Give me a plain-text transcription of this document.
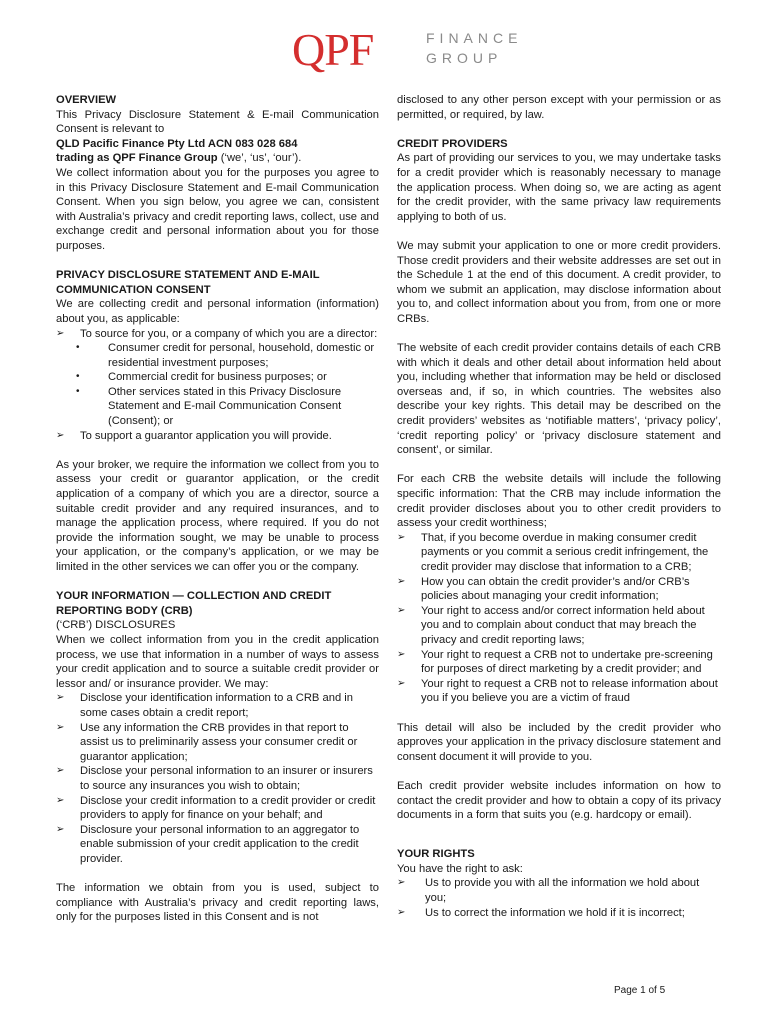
QPF	FINANCE
GROUP

OVERVIEW

This Privacy Disclosure Statement & E-mail Communication Consent is relevant to

QLD Pacific Finance Pty Ltd ACN 083 028 684

trading as QPF Finance Group (‘we’, ‘us’, ‘our’).

We collect information about you for the purposes you agree to in this Privacy Disclosure Statement and E-mail Communication Consent. When you sign below, you agree we can, consistent with Australia’s privacy and credit reporting laws, collect, use and exchange credit and personal information about you for those purposes.

PRIVACY DISCLOSURE STATEMENT AND E-MAIL

COMMUNICATION CONSENT

We are collecting credit and personal information (information) about you, as applicable:

➢ To source for you, or a company of which you are a director:
• Consumer credit for personal, household, domestic or residential investment purposes;
• Commercial credit for business purposes; or
• Other services stated in this Privacy Disclosure Statement and E-mail Communication Consent (Consent); or
➢ To support a guarantor application you will provide.

As your broker, we require the information we collect from you to assess your credit or guarantor application, or the credit application of a company of which you are a director, source a suitable credit provider and any required insurances, and to manage the application process, where required. If you do not provide the information sought, we may be unable to process your application, or the company’s application, or we may be limited in the other services we can offer you or the company.

YOUR INFORMATION — COLLECTION AND CREDIT

REPORTING BODY (CRB)

(‘CRB’) DISCLOSURES

When we collect information from you in the credit application process, we use that information in a number of ways to assess your credit application and to source a suitable credit provider or lessor and/ or insurance provider. We may:

➢ Disclose your identification information to a CRB and in some cases obtain a credit report;
➢ Use any information the CRB provides in that report to assist us to preliminarily assess your consumer credit or guarantor application;
➢ Disclose your personal information to an insurer or insurers to source any insurances you wish to obtain;
➢ Disclose your credit information to a credit provider or credit providers to apply for finance on your behalf; and
➢ Disclosure your personal information to an aggregator to enable submission of your credit application to the credit provider.

The information we obtain from you is used, subject to compliance with Australia’s privacy and credit reporting laws, only for the purposes listed in this Consent and is not

disclosed to any other person except with your permission or as permitted, or required, by law.

CREDIT PROVIDERS

As part of providing our services to you, we may undertake tasks for a credit provider which is reasonably necessary to manage the application process. When doing so, we are acting as agent for the credit provider, with the same privacy law requirements applying to both of us.

We may submit your application to one or more credit providers. Those credit providers and their website addresses are set out in the Schedule 1 at the end of this document. A credit provider, to whom we submit an application, may disclose information about you to, and collect information about you from, from one or more CRBs.

The website of each credit provider contains details of each CRB with which it deals and other detail about information held about you, including whether that information may be held or disclosed overseas and, if so, in which countries. The websites also describe your key rights. This detail may be described on the credit providers’ websites as ‘notifiable matters’, ‘privacy policy’, ‘credit reporting policy’ or ‘privacy disclosure statement and consent’, or similar.

For each CRB the website details will include the following specific information: That the CRB may include information the credit provider discloses about you to other credit providers to assess your credit worthiness;

➢ That, if you become overdue in making consumer credit payments or you commit a serious credit infringement, the credit provider may disclose that information to a CRB;
➢ How you can obtain the credit provider’s and/or CRB’s policies about managing your credit information;
➢ Your right to access and/or correct information held about you and to complain about conduct that may breach the privacy and credit reporting laws;
➢ Your right to request a CRB not to undertake pre-screening for purposes of direct marketing by a credit provider; and
➢ Your right to request a CRB not to release information about you if you believe you are a victim of fraud

This detail will also be included by the credit provider who approves your application in the privacy disclosure statement and consent document it will provide to you.

Each credit provider website includes information on how to contact the credit provider and how to obtain a copy of its privacy documents in a form that suits you (e.g. hardcopy or email).

YOUR RIGHTS

You have the right to ask:

➢ Us to provide you with all the information we hold about you;
➢ Us to correct the information we hold if it is incorrect;
Page 1 of 5
